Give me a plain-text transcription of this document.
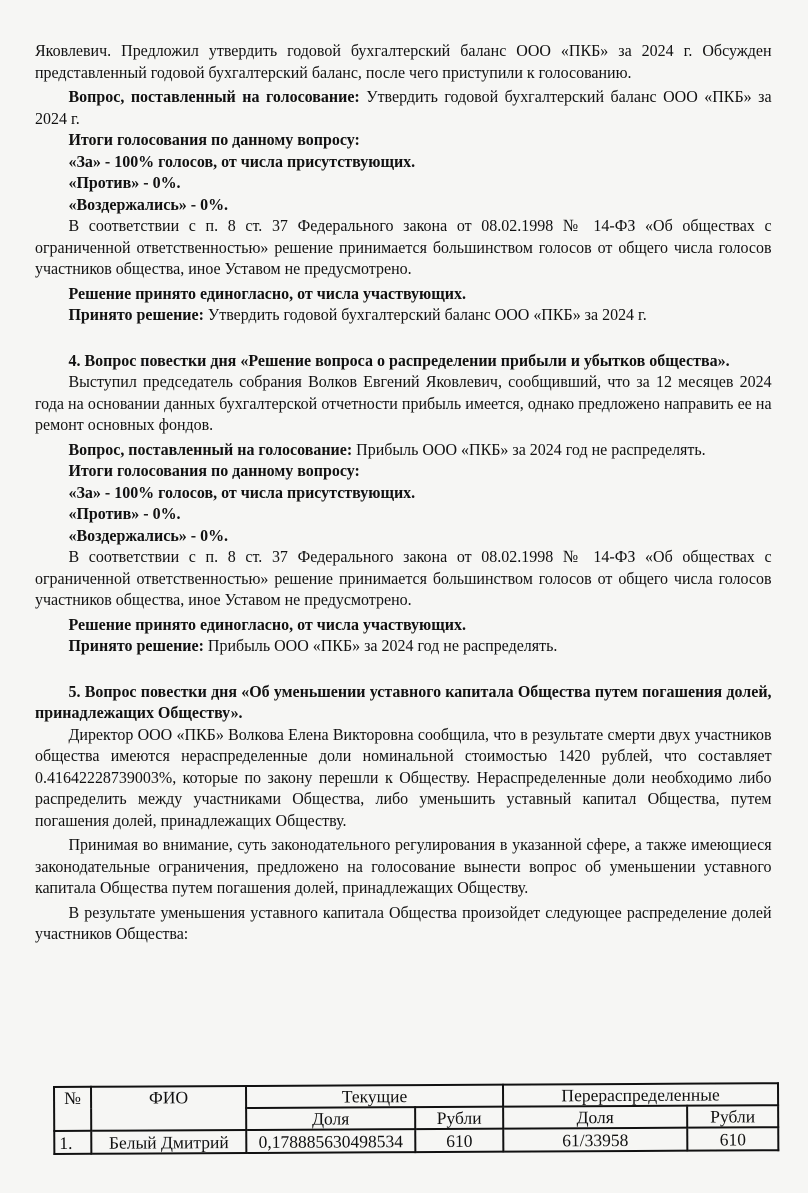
Яковлевич. Предложил утвердить годовой бухгалтерский баланс ООО «ПКБ» за 2024 г. Обсужден представленный годовой бухгалтерский баланс, после чего приступили к голосованию.

Вопрос, поставленный на голосование: Утвердить годовой бухгалтерский баланс ООО «ПКБ» за 2024 г.

Итоги голосования по данному вопросу:

«За» - 100% голосов, от числа присутствующих.

«Против» - 0%.

«Воздержались» - 0%.

В соответствии с п. 8 ст. 37 Федерального закона от 08.02.1998 № 14-ФЗ «Об обществах с ограниченной ответственностью» решение принимается большинством голосов от общего числа голосов участников общества, иное Уставом не предусмотрено.

Решение принято единогласно, от числа участвующих.

Принято решение: Утвердить годовой бухгалтерский баланс ООО «ПКБ» за 2024 г.

4. Вопрос повестки дня «Решение вопроса о распределении прибыли и убытков общества».

Выступил председатель собрания Волков Евгений Яковлевич, сообщивший, что за 12 месяцев 2024 года на основании данных бухгалтерской отчетности прибыль имеется, однако предложено направить ее на ремонт основных фондов.

Вопрос, поставленный на голосование: Прибыль ООО «ПКБ» за 2024 год не распределять.

Итоги голосования по данному вопросу:

«За» - 100% голосов, от числа присутствующих.

«Против» - 0%.

«Воздержались» - 0%.

В соответствии с п. 8 ст. 37 Федерального закона от 08.02.1998 № 14-ФЗ «Об обществах с ограниченной ответственностью» решение принимается большинством голосов от общего числа голосов участников общества, иное Уставом не предусмотрено.

Решение принято единогласно, от числа участвующих.

Принято решение: Прибыль ООО «ПКБ» за 2024 год не распределять.

5. Вопрос повестки дня «Об уменьшении уставного капитала Общества путем погашения долей, принадлежащих Обществу».

Директор ООО «ПКБ» Волкова Елена Викторовна сообщила, что в результате смерти двух участников общества имеются нераспределенные доли номинальной стоимостью 1420 рублей, что составляет 0.41642228739003%, которые по закону перешли к Обществу. Нераспределенные доли необходимо либо распределить между участниками Общества, либо уменьшить уставный капитал Общества, путем погашения долей, принадлежащих Обществу.

Принимая во внимание, суть законодательного регулирования в указанной сфере, а также имеющиеся законодательные ограничения, предложено на голосование вынести вопрос об уменьшении уставного капитала Общества путем погашения долей, принадлежащих Обществу.

В результате уменьшения уставного капитала Общества произойдет следующее распределение долей участников Общества:

№	ФИО	Текущие		Перераспределенные	
		Доля	Рубли	Доля	Рубли
1.	Белый Дмитрий	0,178885630498534	610	61/33958	610
